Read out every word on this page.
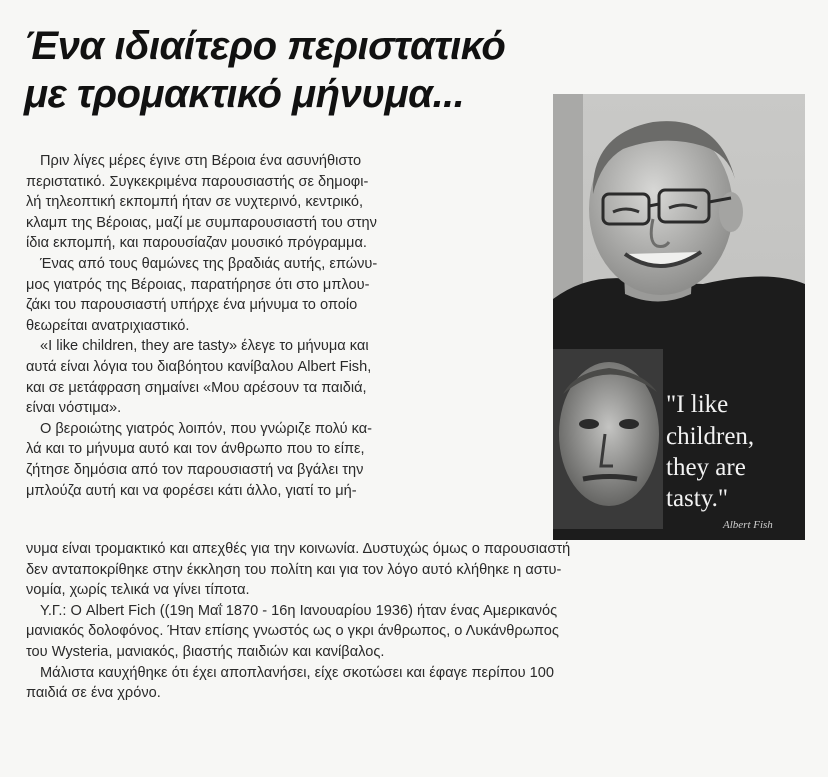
Ένα ιδιαίτερο περιστατικό
με τρομακτικό μήνυμα...
"I like
children,
they are
tasty."
Albert Fish

Πριν λίγες μέρες έγινε στη Βέροια ένα ασυνήθιστο
περιστατικό. Συγκεκριμένα παρουσιαστής σε δημοφι-
λή τηλεοπτική εκπομπή ήταν σε νυχτερινό, κεντρικό,
κλαμπ της Βέροιας, μαζί με συμπαρουσιαστή του στην
ίδια εκπομπή, και παρουσίαζαν μουσικό πρόγραμμα.

Ένας από τους θαμώνες της βραδιάς αυτής, επώνυ-
μος γιατρός της Βέροιας, παρατήρησε ότι στο μπλου-
ζάκι του παρουσιαστή υπήρχε ένα μήνυμα το οποίο
θεωρείται ανατριχιαστικό.

«I like children, they are tasty» έλεγε το μήνυμα και
αυτά είναι λόγια του διαβόητου κανίβαλου Albert Fish,
και σε μετάφραση σημαίνει «Μου αρέσουν τα παιδιά,
είναι νόστιμα».

Ο βεροιώτης γιατρός λοιπόν, που γνώριζε πολύ κα-
λά και το μήνυμα αυτό και τον άνθρωπο που το είπε,
ζήτησε δημόσια από τον παρουσιαστή να βγάλει την
μπλούζα αυτή και να φορέσει κάτι άλλο, γιατί το μή-

νυμα είναι τρομακτικό και απεχθές για την κοινωνία. Δυστυχώς όμως ο παρουσιαστή
δεν ανταποκρίθηκε στην έκκληση του πολίτη και για τον λόγο αυτό κλήθηκε η αστυ-
νομία, χωρίς τελικά να γίνει τίποτα.

Υ.Γ.: Ο Albert Fich ((19η Μαΐ 1870 - 16η Ιανουαρίου 1936) ήταν ένας Αμερικανός
μανιακός δολοφόνος. Ήταν επίσης γνωστός ως ο γκρι άνθρωπος, ο Λυκάνθρωπος
του Wysteria, μανιακός, βιαστής παιδιών και κανίβαλος.

Μάλιστα καυχήθηκε ότι έχει αποπλανήσει, είχε σκοτώσει και έφαγε περίπου 100
παιδιά σε ένα χρόνο.
